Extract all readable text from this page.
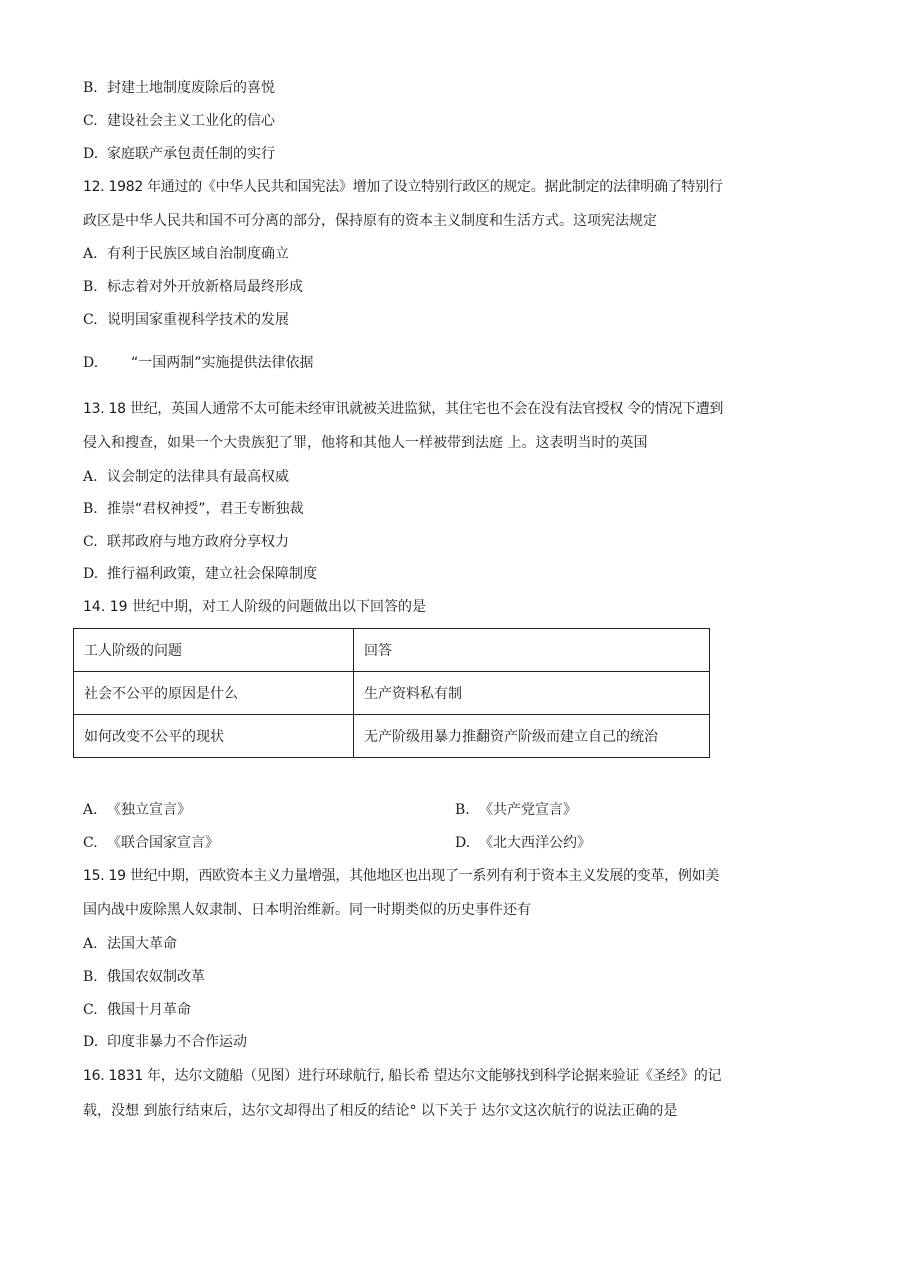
B. 封建土地制度废除后的喜悦
C. 建设社会主义工业化的信心
D. 家庭联产承包责任制的实行
12. 1982 年通过的《中华人民共和国宪法》增加了设立特别行政区的规定。据此制定的法律明确了特别行
政区是中华人民共和国不可分离的部分，保持原有的资本主义制度和生活方式。这项宪法规定
A. 有利于民族区域自治制度确立
B. 标志着对外开放新格局最终形成
C. 说明国家重视科学技术的发展
D. “一国两制”实施提供法律依据
13. 18 世纪，英国人通常不太可能未经审讯就被关进监狱，其住宅也不会在没有法官授权 令的情况下遭到
侵入和搜查，如果一个大贵族犯了罪，他将和其他人一样被带到法庭 上。这表明当时的英国
A. 议会制定的法律具有最高权威
B. 推崇“君权神授”，君王专断独裁
C. 联邦政府与地方政府分享权力
D. 推行福利政策，建立社会保障制度
14. 19 世纪中期，对工人阶级的问题做出以下回答的是
工人阶级的问题	回答
社会不公平的原因是什么	生产资料私有制
如何改变不公平的现状	无产阶级用暴力推翻资产阶级而建立自己的统治
A. 《独立宣言》	B. 《共产党宣言》
C. 《联合国家宣言》	D. 《北大西洋公约》
15. 19 世纪中期，西欧资本主义力量增强，其他地区也出现了一系列有利于资本主义发展的变革，例如美
国内战中废除黑人奴隶制、日本明治维新。同一时期类似的历史事件还有
A. 法国大革命
B. 俄国农奴制改革
C. 俄国十月革命
D. 印度非暴力不合作运动
16. 1831 年，达尔文随船（见图）进行环球航行, 船长希 望达尔文能够找到科学论据来验证《圣经》的记
载，没想 到旅行结束后，达尔文却得出了相反的结论° 以下关于 达尔文这次航行的说法正确的是
